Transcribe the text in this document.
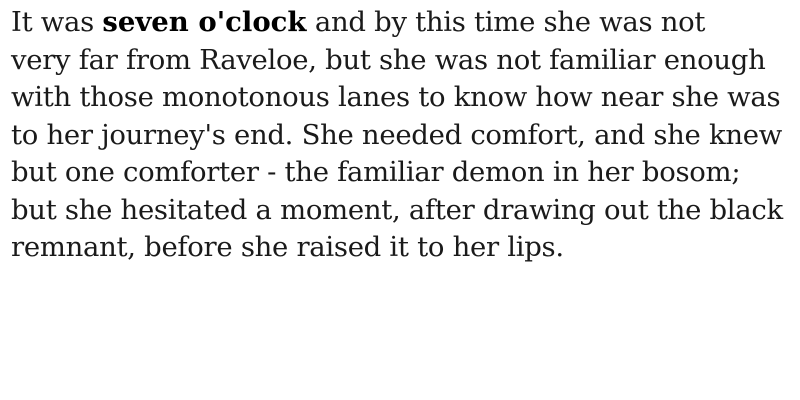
It was seven o'clock and by this time she was not
very far from Raveloe, but she was not familiar enough
with those monotonous lanes to know how near she was
to her journey's end. She needed comfort, and she knew
but one comforter - the familiar demon in her bosom;
but she hesitated a moment, after drawing out the black
remnant, before she raised it to her lips.
